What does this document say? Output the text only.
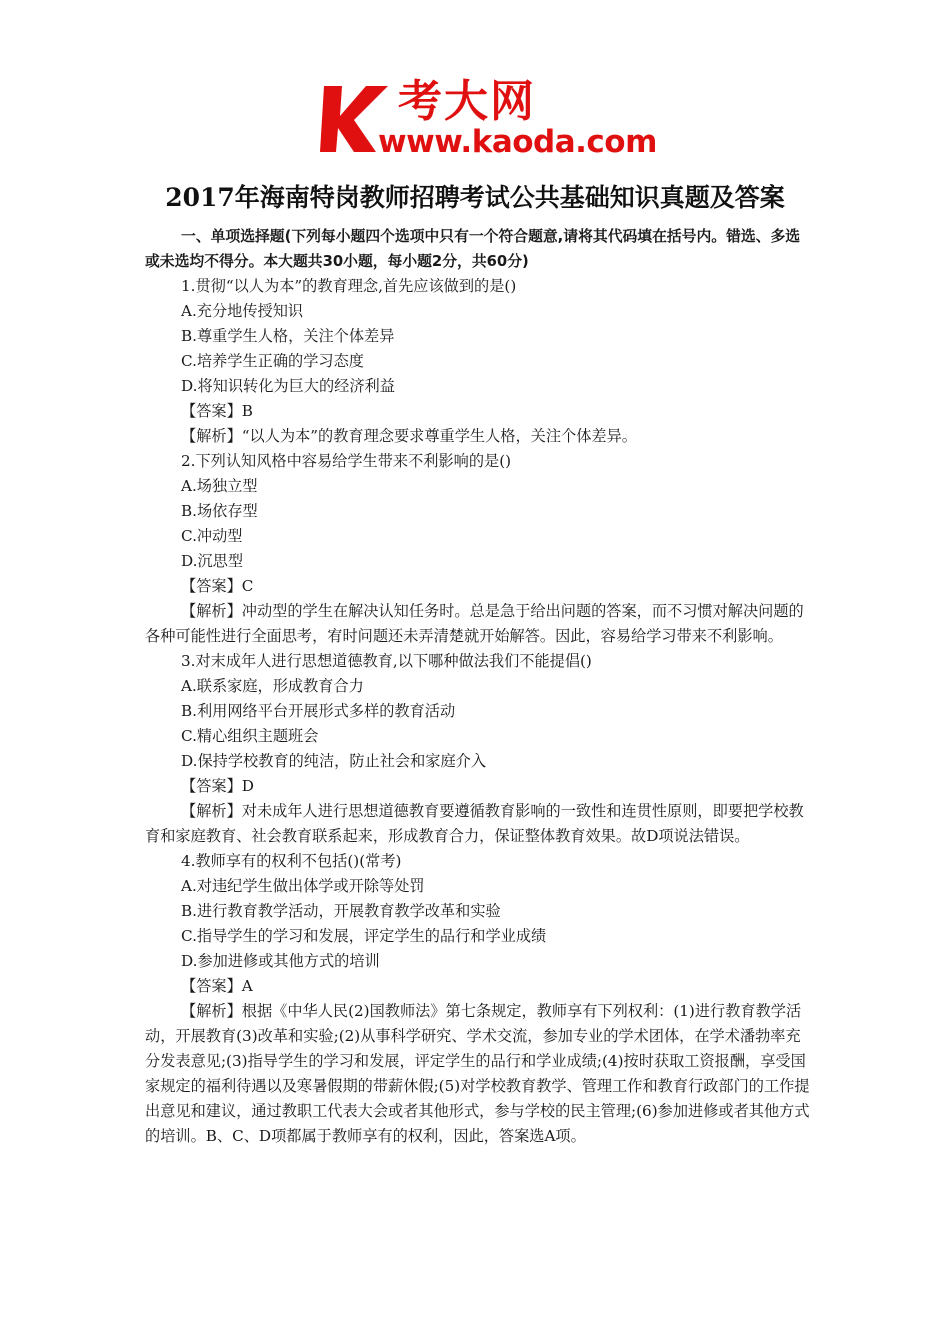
考大网
www.kaoda.com
2017年海南特岗教师招聘考试公共基础知识真题及答案

一、单项选择题(下列每小题四个选项中只有一个符合题意,请将其代码填在括号内。错选、多选或未选均不得分。本大题共30小题，每小题2分，共60分)

1.贯彻“以人为本”的教育理念,首先应该做到的是()

A.充分地传授知识

B.尊重学生人格，关注个体差异

C.培养学生正确的学习态度

D.将知识转化为巨大的经济利益

【答案】B

【解析】“以人为本”的教育理念要求尊重学生人格，关注个体差异。

2.下列认知风格中容易给学生带来不利影响的是()

A.场独立型

B.场依存型

C.冲动型

D.沉思型

【答案】C

【解析】冲动型的学生在解决认知任务时。总是急于给出问题的答案，而不习惯对解决问题的各种可能性进行全面思考，宥时问题还未弄清楚就开始解答。因此，容易给学习带来不利影响。

3.对末成年人进行思想道德教育,以下哪种做法我们不能提倡()

A.联系家庭，形成教育合力

B.利用网络平台开展形式多样的教育活动

C.精心组织主题班会

D.保持学校教育的纯洁，防止社会和家庭介入

【答案】D

【解析】对未成年人进行思想道德教育要遵循教育影响的一致性和连贯性原则，即要把学校教育和家庭教育、社会教育联系起来，形成教育合力，保证整体教育效果。故D项说法错误。

4.教师享有的权利不包括()(常考)

A.对违纪学生做出体学或开除等处罚

B.进行教育教学活动，开展教育教学改革和实验

C.指导学生的学习和发展，评定学生的品行和学业成绩

D.参加进修或其他方式的培训

【答案】A

【解析】根据《中华人民(2)国教师法》第七条规定，教师享有下列权利：(1)进行教育教学活动，开展教育(3)改革和实验;(2)从事科学研究、学术交流，参加专业的学术团体，在学术潘勃率充分发表意见;(3)指导学生的学习和发展，评定学生的品行和学业成绩;(4)按时获取工资报酬，享受国家规定的福利待遇以及寒暑假期的带薪休假;(5)对学校教育教学、管理工作和教育行政部门的工作提出意见和建议，通过教职工代表大会或者其他形式，参与学校的民主管理;(6)参加进修或者其他方式的培训。B、C、D项都属于教师享有的权利，因此，答案选A项。
